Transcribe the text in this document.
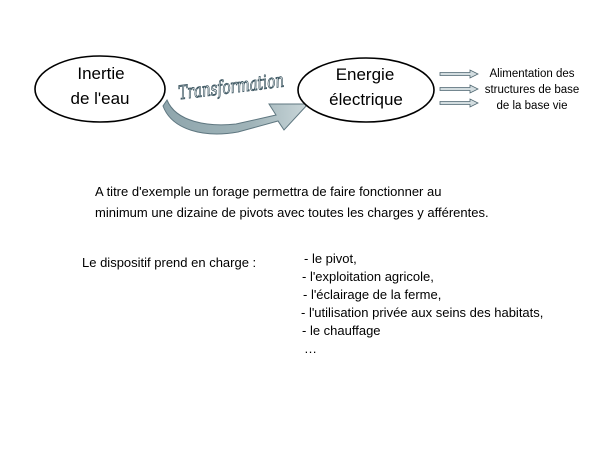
Inertie
de l'eau	Transformation Energie
électrique
Alimentation des
structures de base
de la base vie

A titre d'exemple un forage permettra de faire fonctionner au
minimum une dizaine de pivots avec toutes les charges y afférentes.

Le dispositif prend en charge :	- le pivot,
- l'exploitation agricole,
- l'éclairage de la ferme,
- l'utilisation privée aux seins des habitats,
- le chauffage
…
